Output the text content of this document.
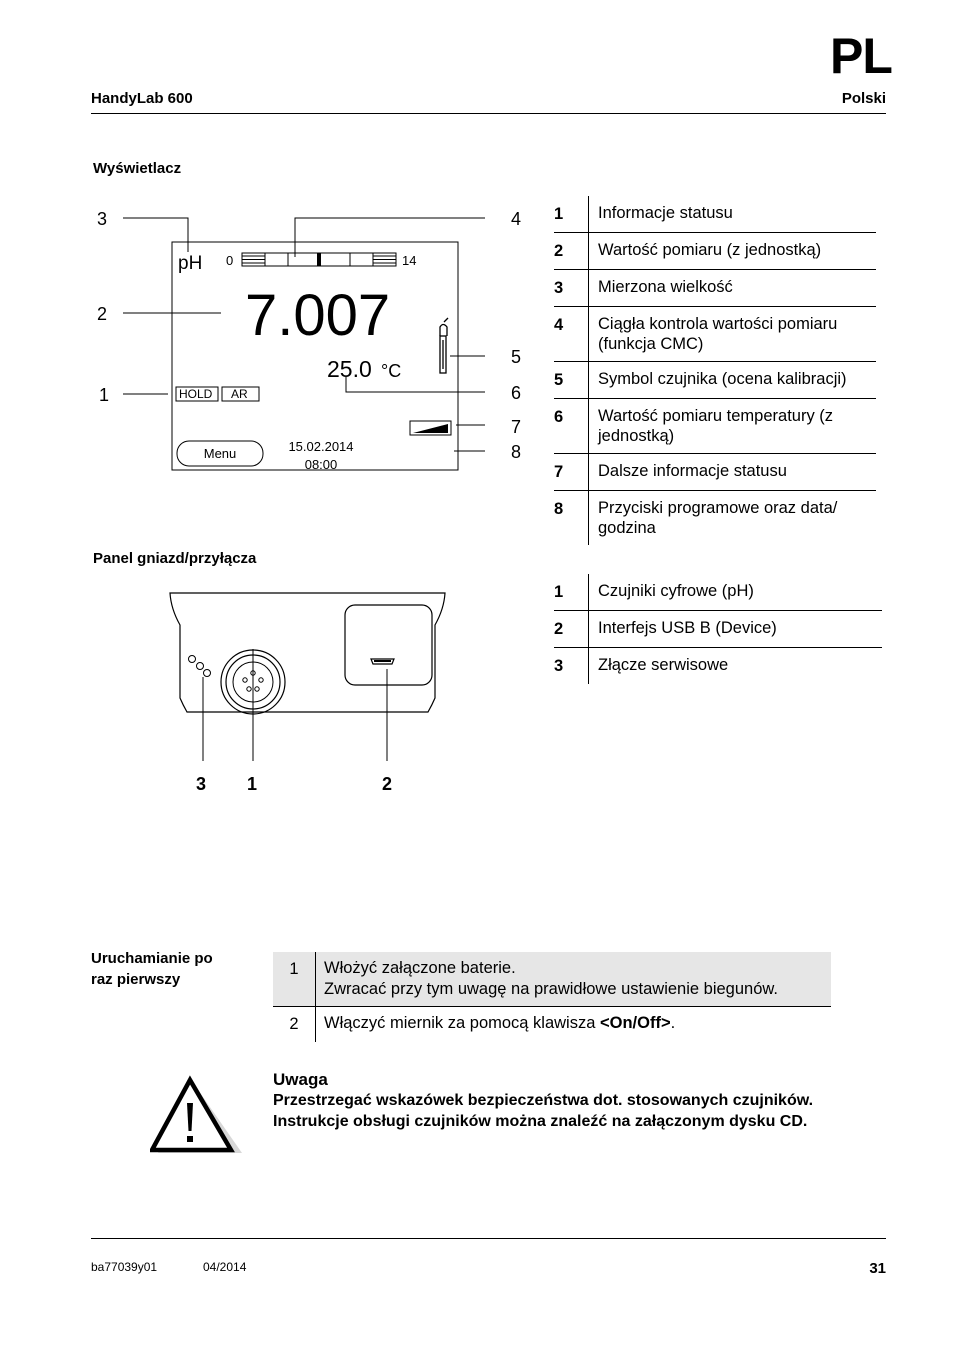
PL
HandyLab 600	Polski
Wyświetlacz
3	4
2
1
5
6
7
8
pH 0	14
7.007
25.0 °C
HOLD AR
Menu	15.02.2014
08:00
1	Informacje statusu
2	Wartość pomiaru (z jednostką)
3	Mierzona wielkość
4	Ciągła kontrola wartości pomiaru (funkcja CMC)
5	Symbol czujnika (ocena kalibracji)
6	Wartość pomiaru temperatury (z jednostką)
7	Dalsze informacje statusu
8	Przyciski programowe oraz data/ godzina
Panel gniazd/przyłącza
3 1	2
1	Czujniki cyfrowe (pH)
2	Interfejs USB B (Device)
3	Złącze serwisowe
Uruchamianie po
raz pierwszy
1	Włożyć załączone baterie.
Zwracać przy tym uwagę na prawidłowe ustawienie biegunów.

2	Włączyć miernik za pomocą klawisza <On/Off>.
Uwaga
Przestrzegać wskazówek bezpieczeństwa dot. stosowanych czujników.
Instrukcje obsługi czujników można znaleźć na załączonym dysku CD.
ba77039y01	04/2014	31
